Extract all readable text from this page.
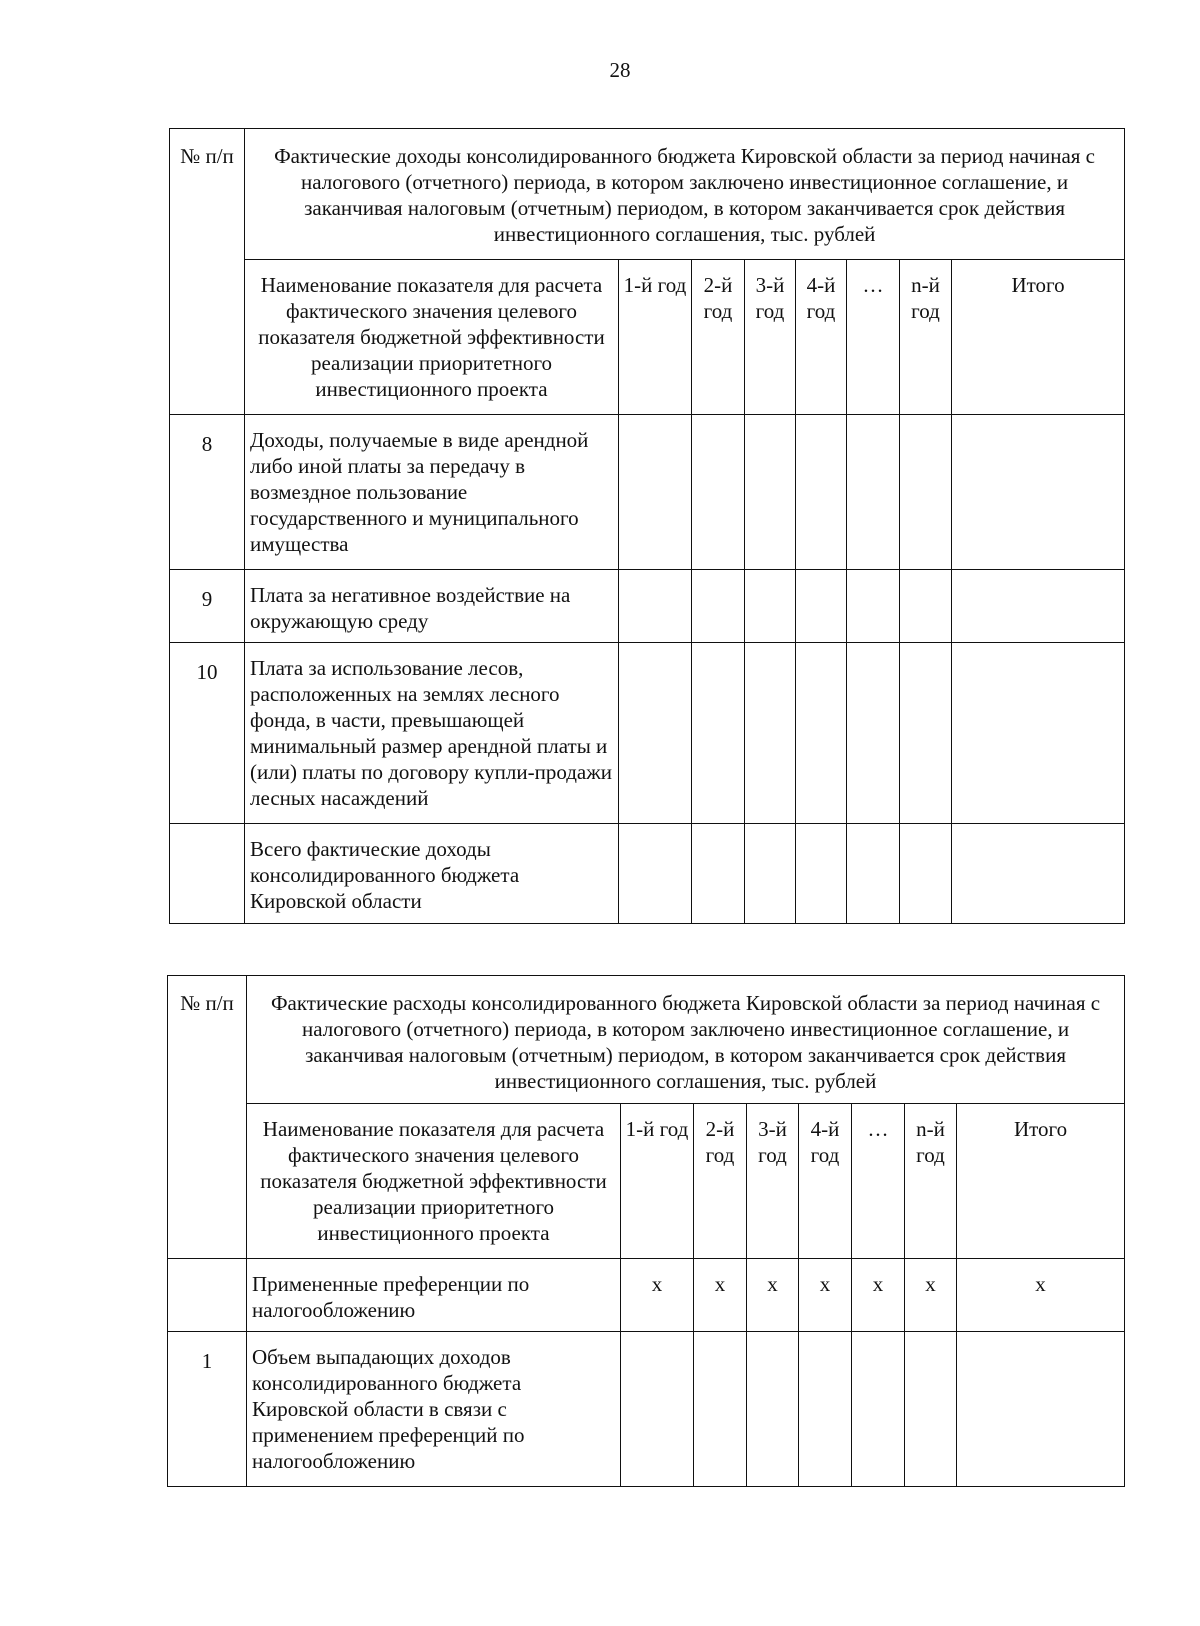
28
№ п/п	Фактические доходы консолидированного бюджета Кировской области за период начиная с налогового (отчетного) периода, в котором заключено инвестиционное соглашение, и заканчивая налоговым (отчетным) периодом, в котором заканчивается срок действия инвестиционного соглашения, тыс. рублей							
	Наименование показателя для расчета фактического значения целевого показателя бюджетной эффективности реализации приоритетного инвестиционного проекта	1-й год	2-й год	3-й год	4-й год	…	n-й год	Итого
8	Доходы, получаемые в виде арендной либо иной платы за передачу в возмездное пользование государственного и муниципального имущества							
9	Плата за негативное воздействие на окружающую среду							
10	Плата за использование лесов, расположенных на землях лесного фонда, в части, превышающей минимальный размер арендной платы и (или) платы по договору купли-продажи лесных насаждений							
	Всего фактические доходы консолидированного бюджета Кировской области							
№ п/п	Фактические расходы консолидированного бюджета Кировской области за период начиная с налогового (отчетного) периода, в котором заключено инвестиционное соглашение, и заканчивая налоговым (отчетным) периодом, в котором заканчивается срок действия инвестиционного соглашения, тыс. рублей							
	Наименование показателя для расчета фактического значения целевого показателя бюджетной эффективности реализации приоритетного инвестиционного проекта	1-й год	2-й год	3-й год	4-й год	…	n-й год	Итого
	Примененные преференции по налогообложению	x	x	x	x	x	x	x
1	Объем выпадающих доходов консолидированного бюджета Кировской области в связи с применением преференций по налогообложению							
